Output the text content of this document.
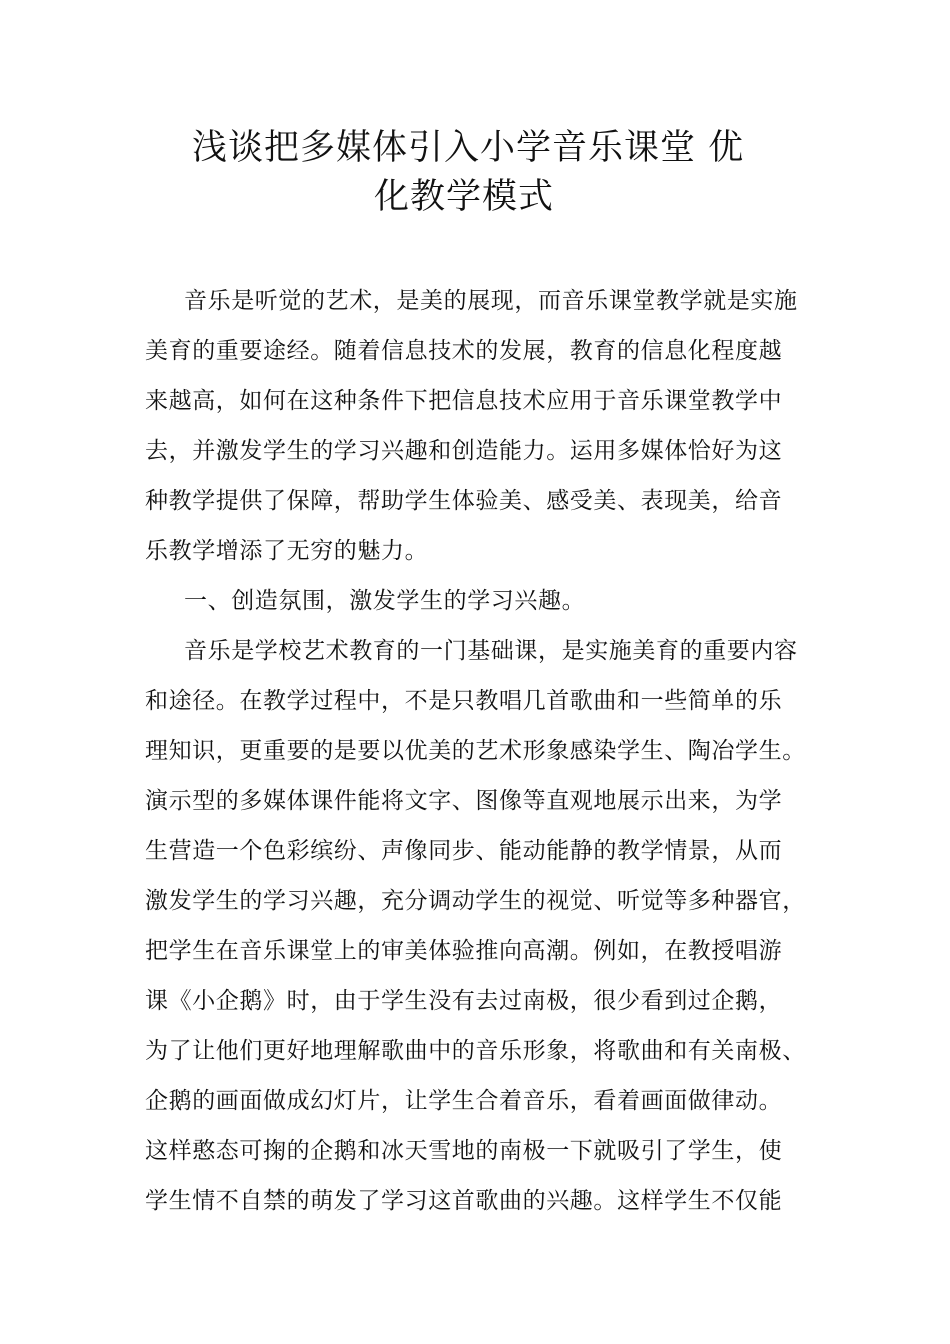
浅谈把多媒体引入小学音乐课堂 优
化教学模式

音乐是听觉的艺术，是美的展现，而音乐课堂教学就是实施

美育的重要途经。随着信息技术的发展，教育的信息化程度越

来越高，如何在这种条件下把信息技术应用于音乐课堂教学中

去，并激发学生的学习兴趣和创造能力。运用多媒体恰好为这

种教学提供了保障，帮助学生体验美、感受美、表现美，给音

乐教学增添了无穷的魅力。

一、创造氛围，激发学生的学习兴趣。

音乐是学校艺术教育的一门基础课，是实施美育的重要内容

和途径。在教学过程中，不是只教唱几首歌曲和一些简单的乐

理知识，更重要的是要以优美的艺术形象感染学生、陶冶学生。

演示型的多媒体课件能将文字、图像等直观地展示出来，为学

生营造一个色彩缤纷、声像同步、能动能静的教学情景，从而

激发学生的学习兴趣，充分调动学生的视觉、听觉等多种器官，

把学生在音乐课堂上的审美体验推向高潮。例如，在教授唱游

课《小企鹅》时，由于学生没有去过南极，很少看到过企鹅，

为了让他们更好地理解歌曲中的音乐形象，将歌曲和有关南极、

企鹅的画面做成幻灯片，让学生合着音乐，看着画面做律动。

这样憨态可掬的企鹅和冰天雪地的南极一下就吸引了学生，使

学生情不自禁的萌发了学习这首歌曲的兴趣。这样学生不仅能
